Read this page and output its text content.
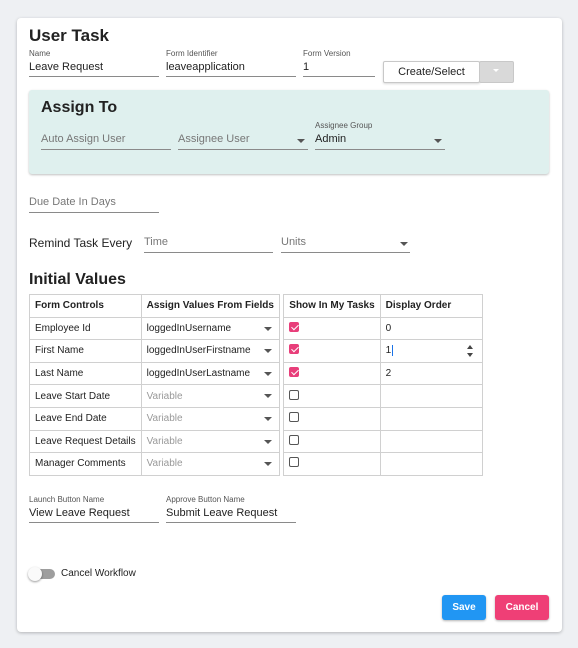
User Task
Name
Leave Request
Form Identifier
leaveapplication
Form Version
1	Create/Select
Assign To
Auto Assign User	Assignee User
Assignee Group
Admin
Due Date In Days
Remind Task Every Time	Units
Initial Values
Form Controls	Assign Values From Fields		Show In My Tasks	Display Order
Employee Id	loggedInUsername			0

First Name	loggedInUserFirstname			1

Last Name	loggedInUserLastname			2

Leave Start Date	Variable			

Leave End Date	Variable			

Leave Request Details	Variable			

Manager Comments	Variable			

Launch Button Name
View Leave Request
Approve Button Name
Submit Leave Request
Cancel Workflow
Save	Cancel
